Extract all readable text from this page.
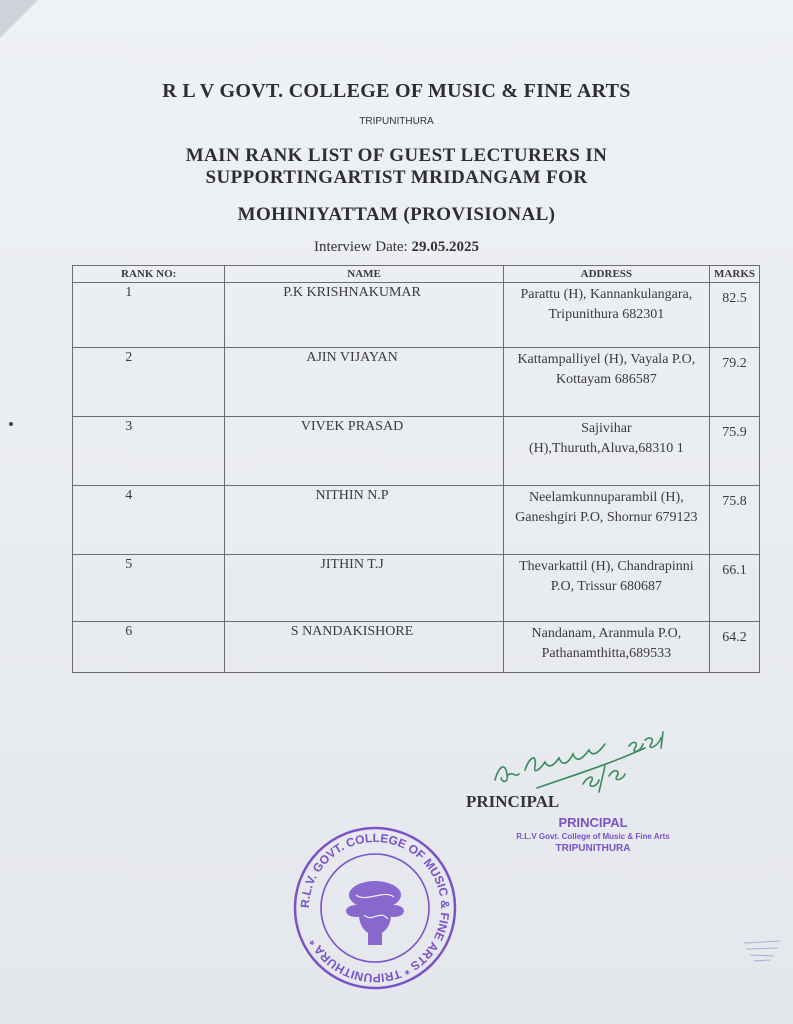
R L V GOVT. COLLEGE OF MUSIC & FINE ARTS
TRIPUNITHURA
MAIN RANK LIST OF GUEST LECTURERS IN
SUPPORTINGARTIST MRIDANGAM FOR
MOHINIYATTAM (PROVISIONAL)
Interview Date: 29.05.2025
RANK NO:	NAME	ADDRESS	MARKS
1	P.K KRISHNAKUMAR	Parattu (H), Kannankulangara, Tripunithura 682301	82.5
2	AJIN VIJAYAN	Kattampalliyel (H), Vayala P.O, Kottayam 686587	79.2
3	VIVEK PRASAD	Sajivihar (H),Thuruth,Aluva,68310 1	75.9
4	NITHIN N.P	Neelamkunnuparambil (H), Ganeshgiri P.O, Shornur 679123	75.8
5	JITHIN T.J	Thevarkattil (H), Chandrapinni P.O, Trissur 680687	66.1
6	S NANDAKISHORE	Nandanam, Aranmula P.O, Pathanamthitta,689533	64.2
PRINCIPAL
PRINCIPAL
R.L.V Govt. College of Music & Fine Arts
TRIPUNITHURA
R.L.V. GOVT. COLLEGE OF MUSIC & FINE ARTS * TRIPUNITHURA *
